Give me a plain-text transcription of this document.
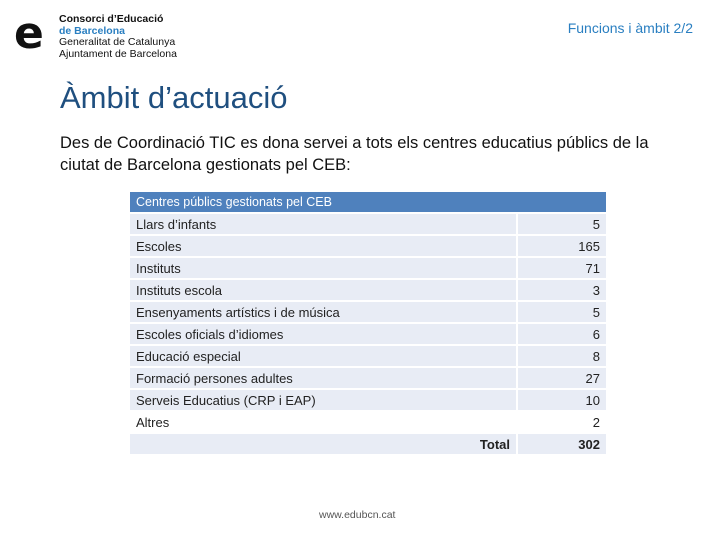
e Consorci d’Educació
de Barcelona
Generalitat de Catalunya
Ajuntament de Barcelona
Funcions i àmbit 2/2
Àmbit d’actuació

Des de Coordinació TIC es dona servei a tots els centres educatius públics de la ciutat de Barcelona gestionats pel CEB:

Centres públics gestionats pel CEB	
Llars d’infants	5
Escoles	165
Instituts	71
Instituts escola	3
Ensenyaments artístics i de música	5
Escoles oficials d’idiomes	6
Educació especial	8
Formació persones adultes	27
Serveis Educatius (CRP i EAP)	10
Altres	2
Total	302
www.edubcn.cat
